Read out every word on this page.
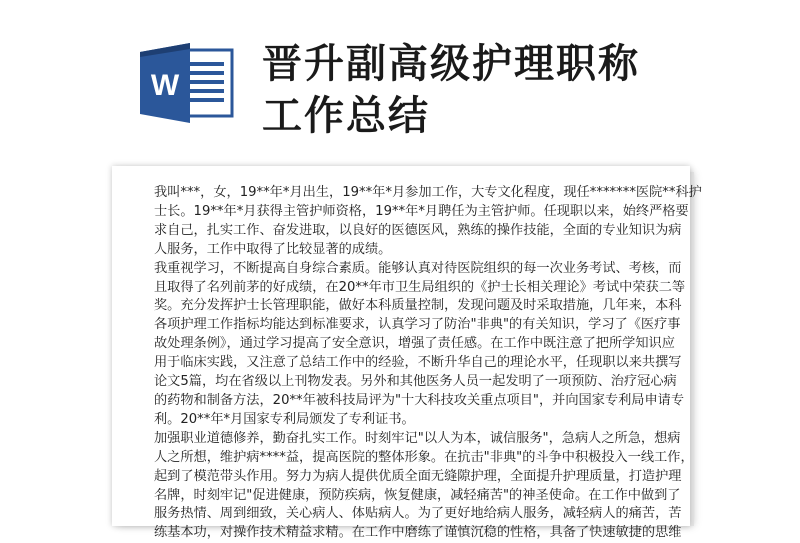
W 晋升副高级护理职称
工作总结
我叫***，女，19**年*月出生，19**年*月参加工作，大专文化程度，现任*******医院**科护
士长。19**年*月获得主管护师资格，19**年*月聘任为主管护师。任现职以来，始终严格要
求自己，扎实工作、奋发进取，以良好的医德医风，熟练的操作技能，全面的专业知识为病
人服务，工作中取得了比较显著的成绩。
我重视学习，不断提高自身综合素质。能够认真对待医院组织的每一次业务考试、考核，而
且取得了名列前茅的好成绩，在20**年市卫生局组织的《护士长相关理论》考试中荣获二等
奖。充分发挥护士长管理职能，做好本科质量控制，发现问题及时采取措施，几年来，本科
各项护理工作指标均能达到标准要求，认真学习了防治"非典"的有关知识，学习了《医疗事
故处理条例》，通过学习提高了安全意识，增强了责任感。在工作中既注意了把所学知识应
用于临床实践，又注意了总结工作中的经验，不断升华自己的理论水平，任现职以来共撰写
论文5篇，均在省级以上刊物发表。另外和其他医务人员一起发明了一项预防、治疗冠心病
的药物和制备方法，20**年被科技局评为"十大科技攻关重点项目"，并向国家专利局申请专
利。20**年*月国家专利局颁发了专利证书。
加强职业道德修养，勤奋扎实工作。时刻牢记"以人为本，诚信服务"，急病人之所急，想病
人之所想，维护病****益，提高医院的整体形象。在抗击"非典"的斗争中积极投入一线工作，
起到了模范带头作用。努力为病人提供优质全面无缝隙护理，全面提升护理质量，打造护理
名牌，时刻牢记"促进健康，预防疾病，恢复健康，减轻痛苦"的神圣使命。在工作中做到了
服务热情、周到细致，关心病人、体贴病人。为了更好地给病人服务，减轻病人的痛苦，苦
练基本功，对操作技术精益求精。在工作中磨练了谨慎沉稳的性格，具备了快速敏捷的思维
